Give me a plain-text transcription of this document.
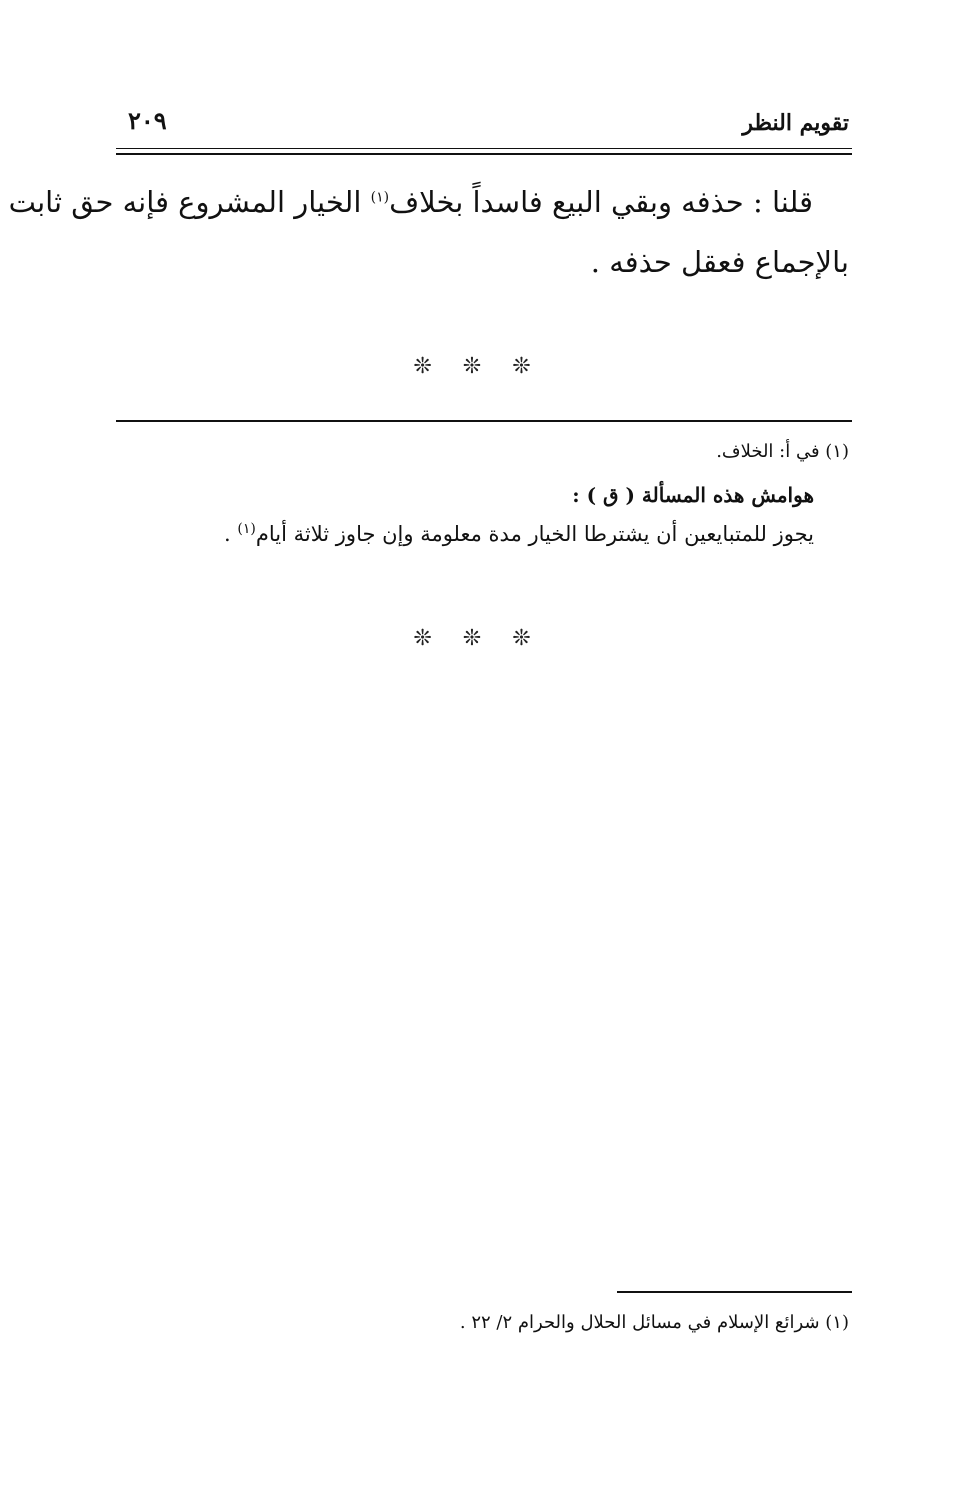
تقويم النظر
٢٠٩
قلنا : حذفه وبقي البيع فاسداً بخلاف$^{(١)}$ الخيار المشروع فإنه حق ثابت
بالإجماع فعقل حذفه .
❊ ❊ ❊
(١) في أ: الخلاف.
هوامش هذه المسألة ( ق ) :
يجوز للمتبايعين أن يشترطا الخيار مدة معلومة وإن جاوز ثلاثة أيام$^{(١)}$ .
❊ ❊ ❊
(١) شرائع الإسلام في مسائل الحلال والحرام ٢/ ٢٢ .
